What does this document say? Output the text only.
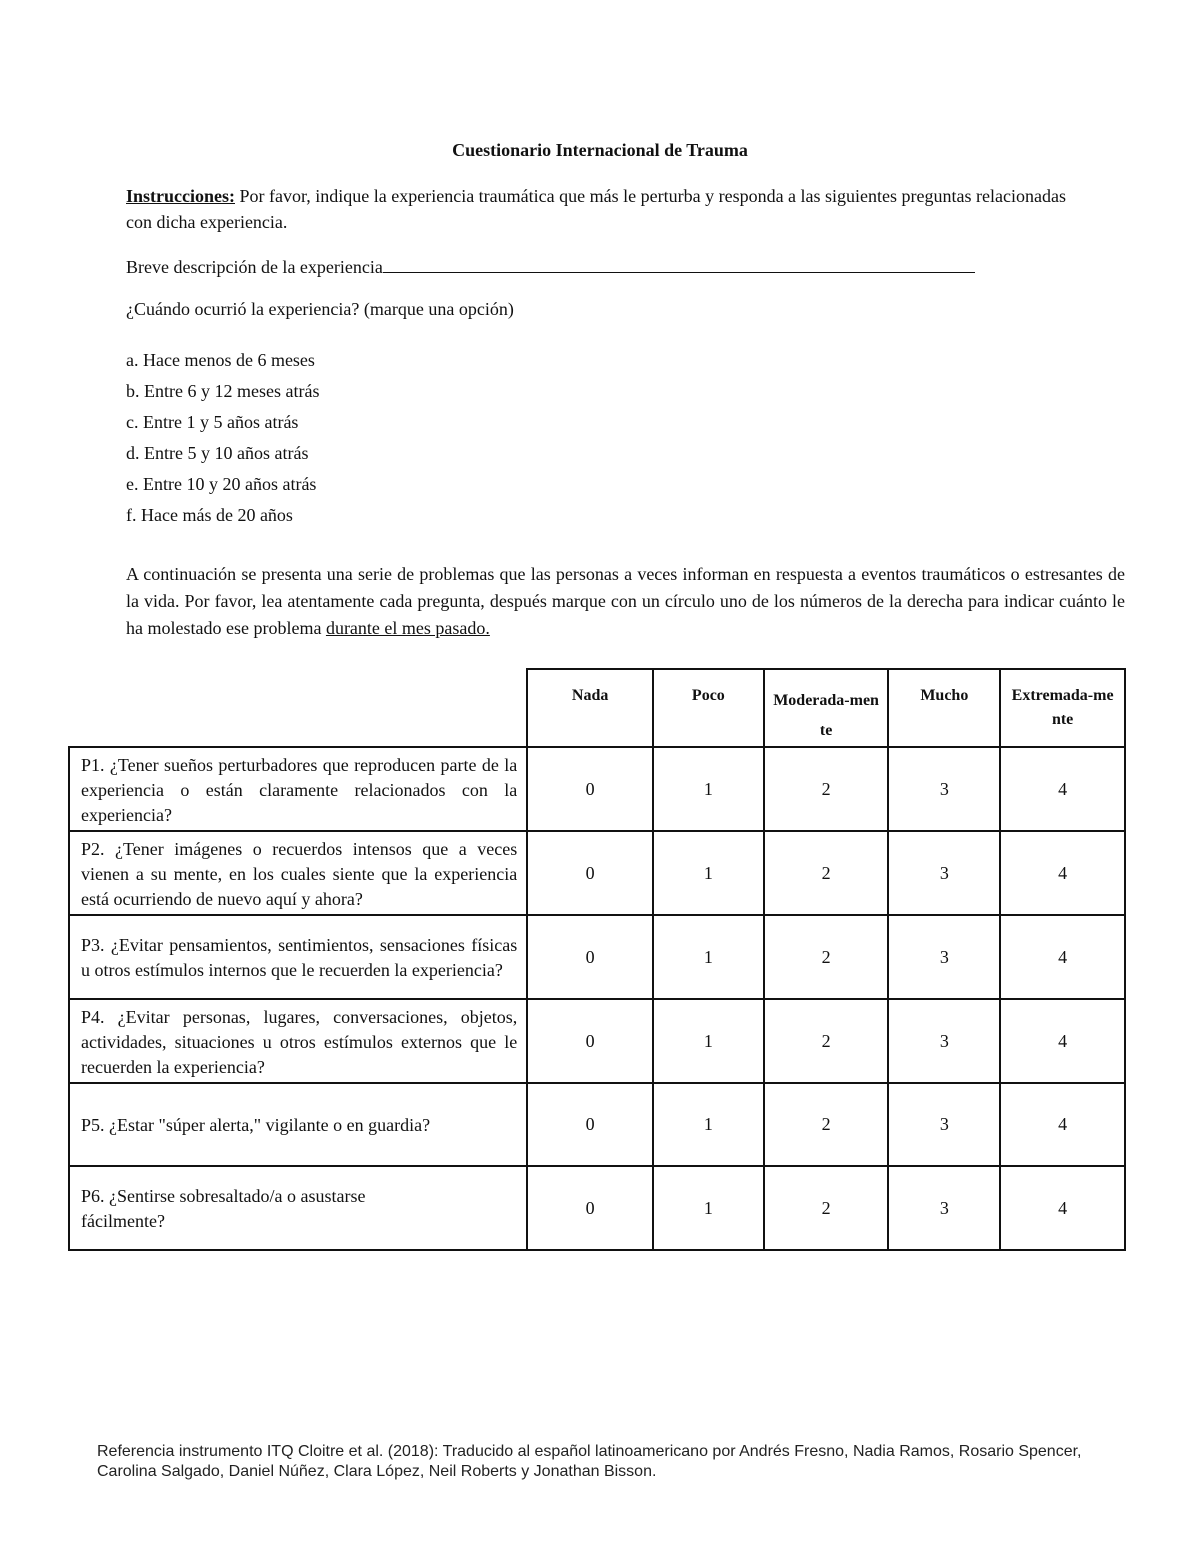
Cuestionario Internacional de Trauma
Instrucciones: Por favor, indique la experiencia traumática que más le perturba y responda a las siguientes preguntas relacionadas con dicha experiencia.
Breve descripción de la experiencia
¿Cuándo ocurrió la experiencia? (marque una opción)
a. Hace menos de 6 meses
b. Entre 6 y 12 meses atrás
c. Entre 1 y 5 años atrás
d. Entre 5 y 10 años atrás
e. Entre 10 y 20 años atrás
f. Hace más de 20 años
A continuación se presenta una serie de problemas que las personas a veces informan en respuesta a eventos traumáticos o estresantes de la vida. Por favor, lea atentamente cada pregunta, después marque con un círculo uno de los números de la derecha para indicar cuánto le ha molestado ese problema durante el mes pasado.
	Nada	Poco	Moderada-mente	Mucho	Extremada-mente
P1. ¿Tener sueños perturbadores que reproducen parte de la experiencia o están claramente relacionados con la experiencia?	0	1	2	3	4
P2. ¿Tener imágenes o recuerdos intensos que a veces vienen a su mente, en los cuales siente que la experiencia está ocurriendo de nuevo aquí y ahora?	0	1	2	3	4
P3. ¿Evitar pensamientos, sentimientos, sensaciones físicas u otros estímulos internos que le recuerden la experiencia?	0	1	2	3	4
P4. ¿Evitar personas, lugares, conversaciones, objetos, actividades, situaciones u otros estímulos externos que le recuerden la experiencia?	0	1	2	3	4
P5. ¿Estar "súper alerta," vigilante o en guardia?	0	1	2	3	4
P6. ¿Sentirse sobresaltado/a o asustarse fácilmente?	0	1	2	3	4
Referencia instrumento ITQ Cloitre et al. (2018): Traducido al español latinoamericano por Andrés Fresno, Nadia Ramos, Rosario Spencer, Carolina Salgado, Daniel Núñez, Clara López, Neil Roberts y Jonathan Bisson.
